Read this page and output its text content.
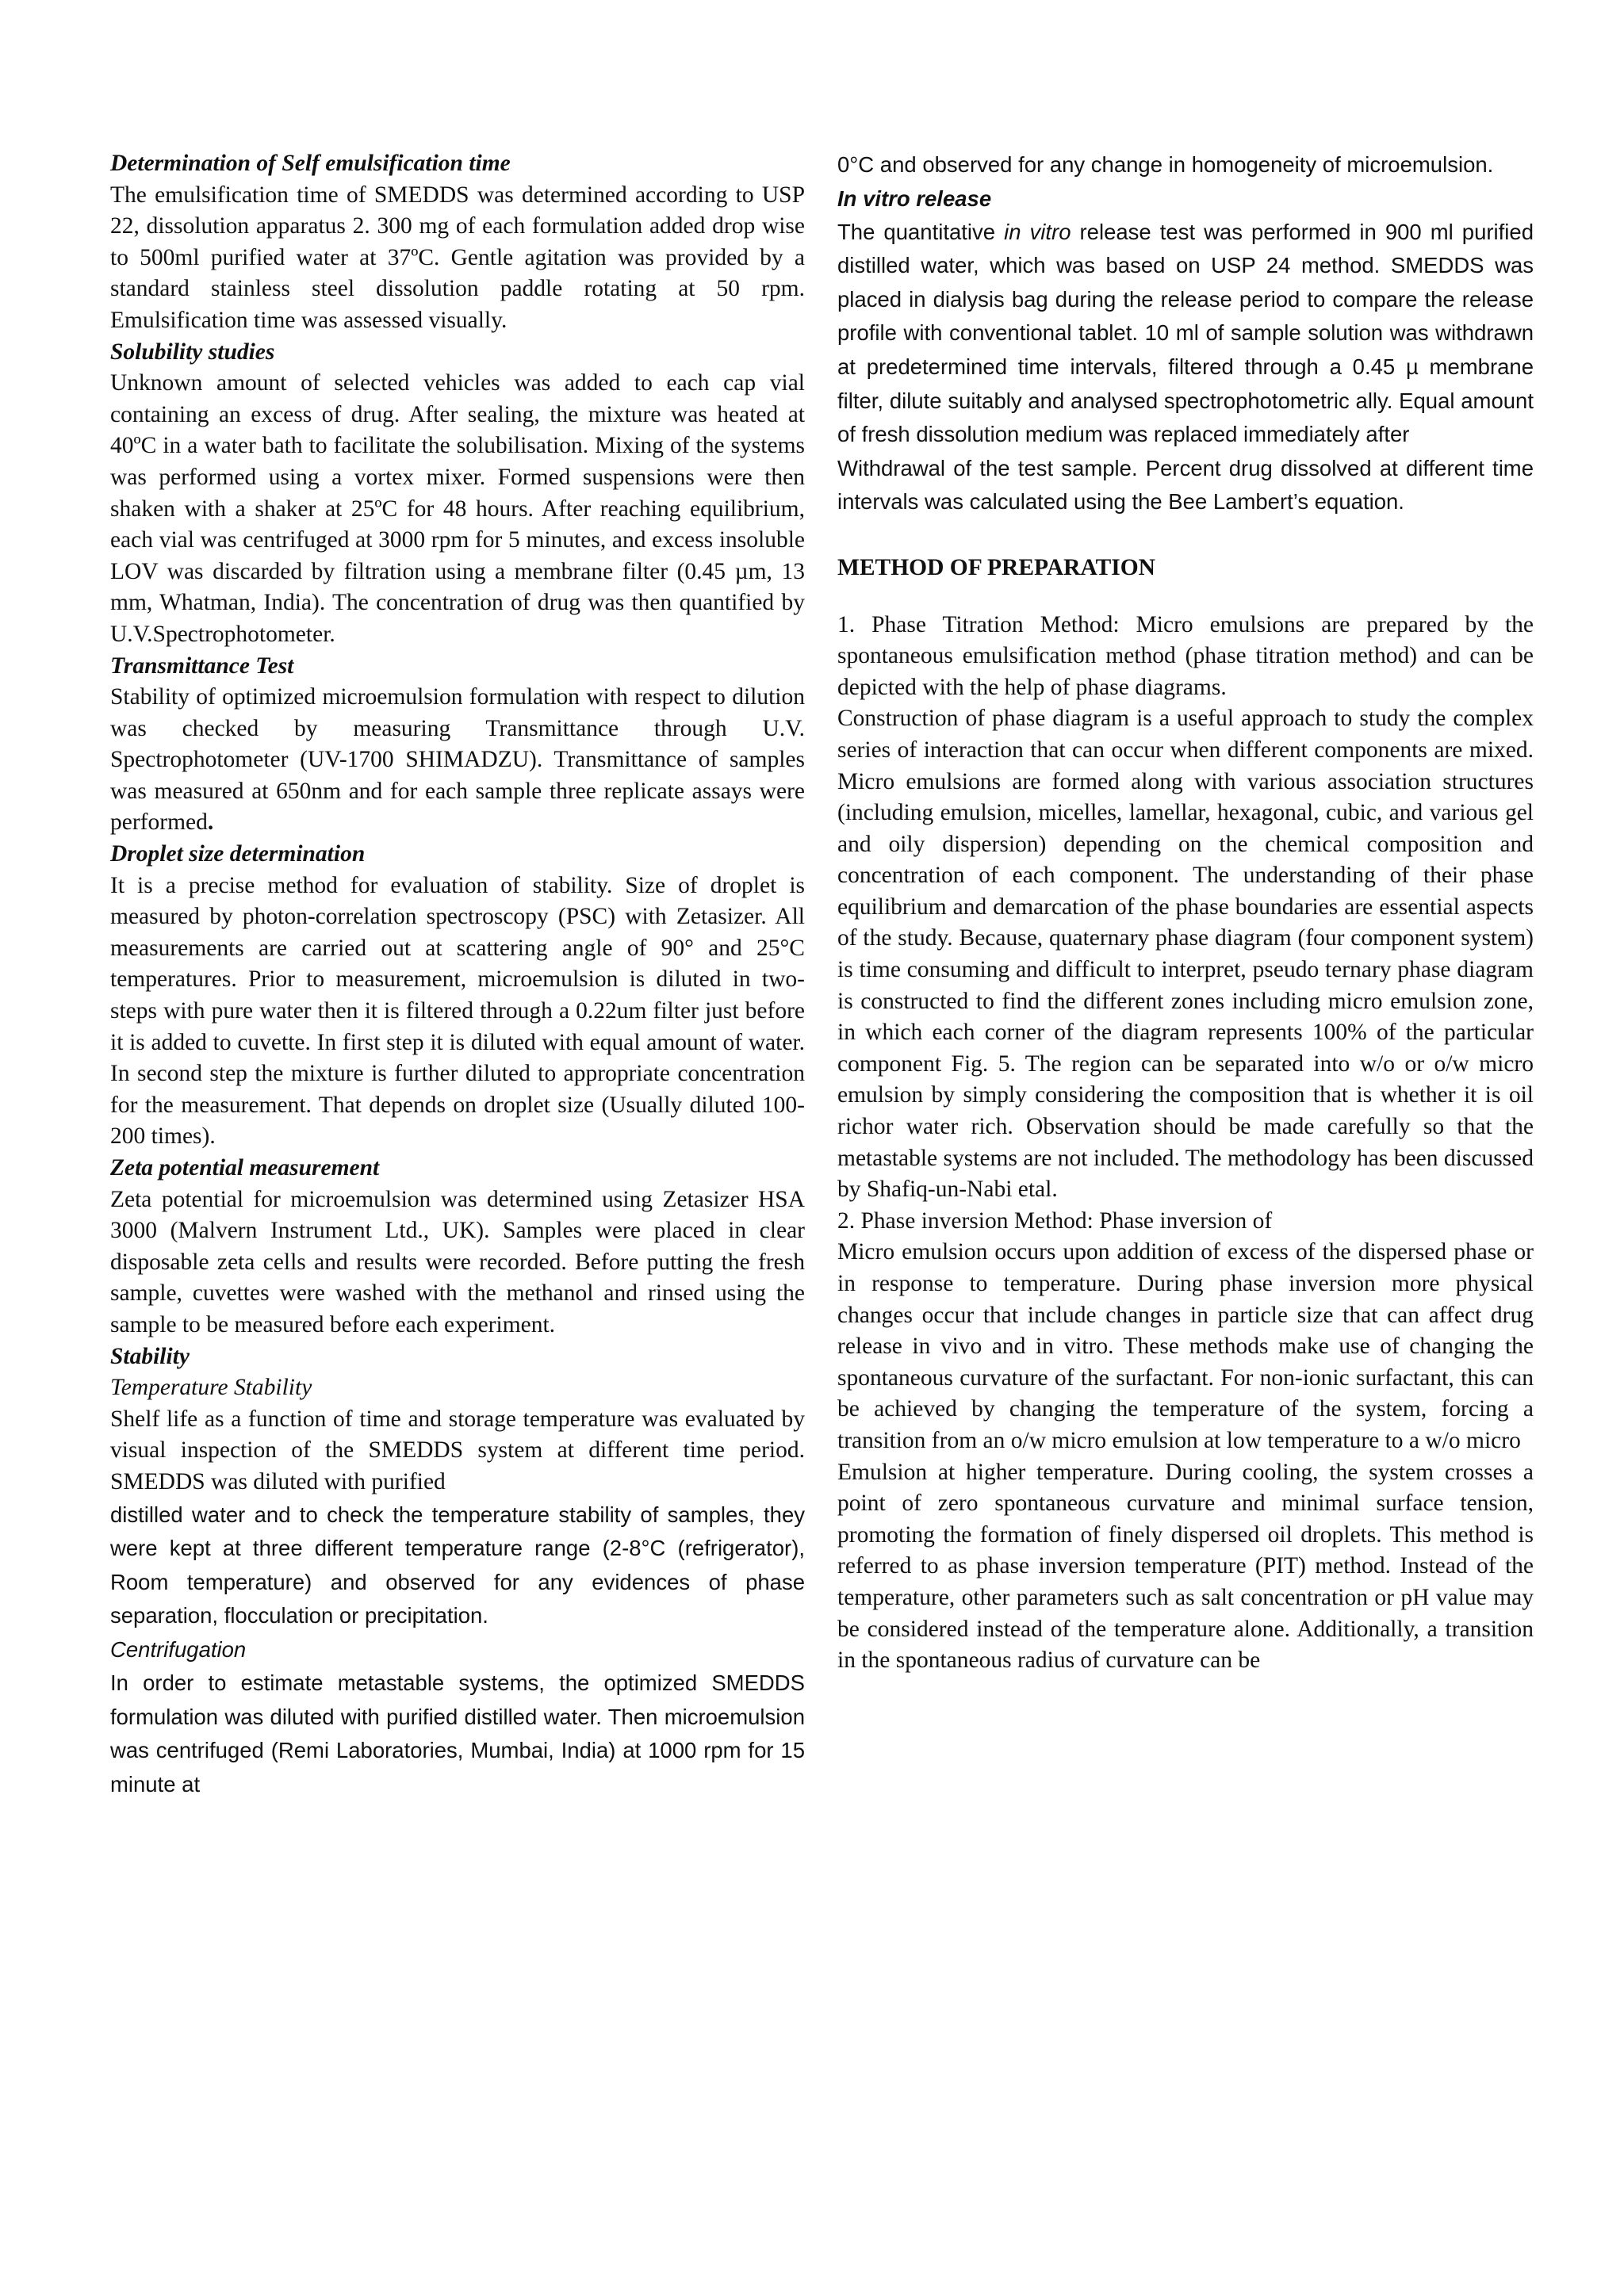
Determination of Self emulsification time

The emulsification time of SMEDDS was determined according to USP 22, dissolution apparatus 2. 300 mg of each formulation added drop wise to 500ml purified water at 37ºC. Gentle agitation was provided by a standard stainless steel dissolution paddle rotating at 50 rpm. Emulsification time was assessed visually.

Solubility studies

Unknown amount of selected vehicles was added to each cap vial containing an excess of drug. After sealing, the mixture was heated at 40ºC in a water bath to facilitate the solubilisation. Mixing of the systems was performed using a vortex mixer. Formed suspensions were then shaken with a shaker at 25ºC for 48 hours. After reaching equilibrium, each vial was centrifuged at 3000 rpm for 5 minutes, and excess insoluble LOV was discarded by filtration using a membrane filter (0.45 µm, 13 mm, Whatman, India). The concentration of drug was then quantified by U.V.Spectrophotometer.

Transmittance Test

Stability of optimized microemulsion formulation with respect to dilution was checked by measuring Transmittance through U.V. Spectrophotometer (UV-1700 SHIMADZU). Transmittance of samples was measured at 650nm and for each sample three replicate assays were performed.

Droplet size determination

It is a precise method for evaluation of stability. Size of droplet is measured by photon-correlation spectroscopy (PSC) with Zetasizer. All measurements are carried out at scattering angle of 90° and 25°C temperatures. Prior to measurement, microemulsion is diluted in two-steps with pure water then it is filtered through a 0.22um filter just before it is added to cuvette. In first step it is diluted with equal amount of water. In second step the mixture is further diluted to appropriate concentration for the measurement. That depends on droplet size (Usually diluted 100-200 times).

Zeta potential measurement

Zeta potential for microemulsion was determined using Zetasizer HSA 3000 (Malvern Instrument Ltd., UK). Samples were placed in clear disposable zeta cells and results were recorded. Before putting the fresh sample, cuvettes were washed with the methanol and rinsed using the sample to be measured before each experiment.

Stability

Temperature Stability

Shelf life as a function of time and storage temperature was evaluated by visual inspection of the SMEDDS system at different time period. SMEDDS was diluted with purified

distilled water and to check the temperature stability of samples, they were kept at three different temperature range (2-8°C (refrigerator), Room temperature) and observed for any evidences of phase separation, flocculation or precipitation.

Centrifugation

In order to estimate metastable systems, the optimized SMEDDS formulation was diluted with purified distilled water. Then microemulsion was centrifuged (Remi Laboratories, Mumbai, India) at 1000 rpm for 15 minute at

0°C and observed for any change in homogeneity of microemulsion.

In vitro release

The quantitative in vitro release test was performed in 900 ml purified distilled water, which was based on USP 24 method. SMEDDS was placed in dialysis bag during the release period to compare the release profile with conventional tablet. 10 ml of sample solution was withdrawn at predetermined time intervals, filtered through a 0.45 µ membrane filter, dilute suitably and analysed spectrophotometric ally. Equal amount of fresh dissolution medium was replaced immediately after

Withdrawal of the test sample. Percent drug dissolved at different time intervals was calculated using the Bee Lambert’s equation.

METHOD OF PREPARATION

1. Phase Titration Method: Micro emulsions are prepared by the spontaneous emulsification method (phase titration method) and can be depicted with the help of phase diagrams.

Construction of phase diagram is a useful approach to study the complex series of interaction that can occur when different components are mixed. Micro emulsions are formed along with various association structures (including emulsion, micelles, lamellar, hexagonal, cubic, and various gel and oily dispersion) depending on the chemical composition and concentration of each component. The understanding of their phase equilibrium and demarcation of the phase boundaries are essential aspects of the study. Because, quaternary phase diagram (four component system) is time consuming and difficult to interpret, pseudo ternary phase diagram is constructed to find the different zones including micro emulsion zone, in which each corner of the diagram represents 100% of the particular component Fig. 5. The region can be separated into w/o or o/w micro emulsion by simply considering the composition that is whether it is oil richor water rich. Observation should be made carefully so that the metastable systems are not included. The methodology has been discussed by Shafiq-un-Nabi etal.

2. Phase inversion Method: Phase inversion of

Micro emulsion occurs upon addition of excess of the dispersed phase or in response to temperature. During phase inversion more physical changes occur that include changes in particle size that can affect drug release in vivo and in vitro. These methods make use of changing the spontaneous curvature of the surfactant. For non-ionic surfactant, this can be achieved by changing the temperature of the system, forcing a transition from an o/w micro emulsion at low temperature to a w/o micro

Emulsion at higher temperature. During cooling, the system crosses a point of zero spontaneous curvature and minimal surface tension, promoting the formation of finely dispersed oil droplets. This method is referred to as phase inversion temperature (PIT) method. Instead of the temperature, other parameters such as salt concentration or pH value may be considered instead of the temperature alone. Additionally, a transition in the spontaneous radius of curvature can be
